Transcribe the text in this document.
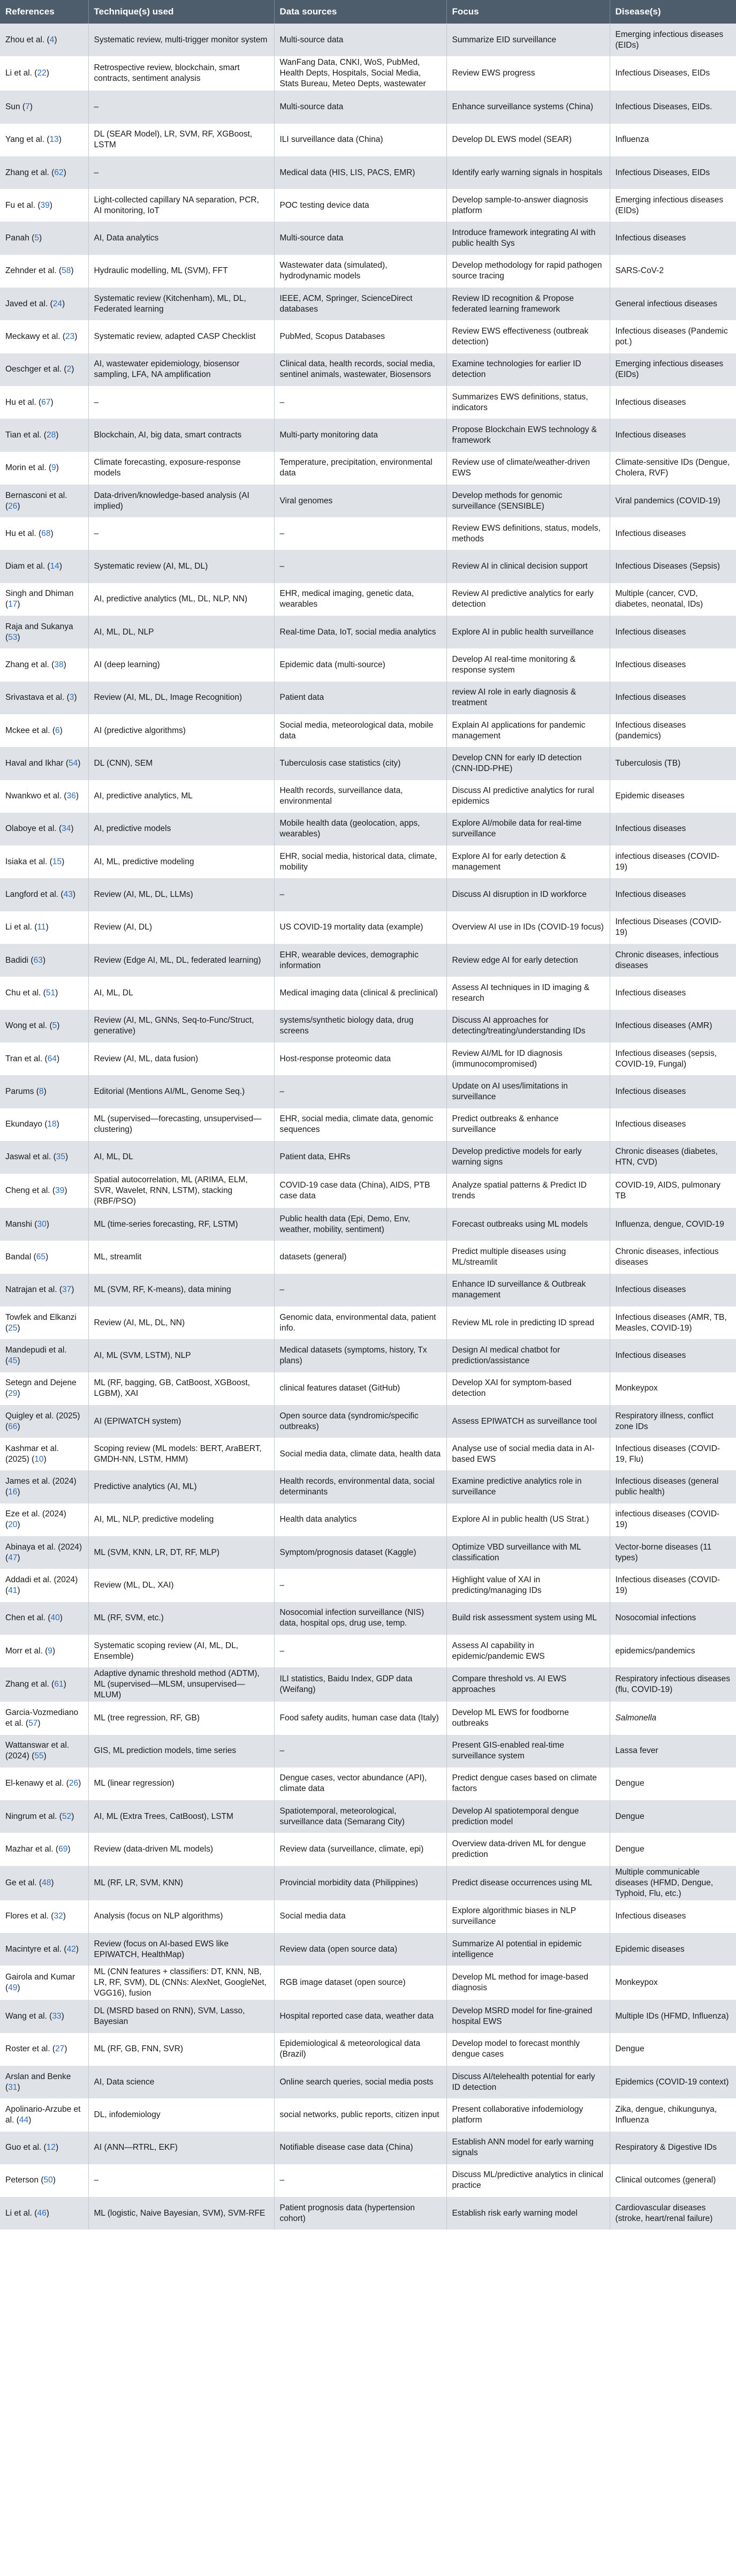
References	Technique(s) used	Data sources	Focus	Disease(s)
Zhou et al. (4)	Systematic review, multi-trigger monitor system	Multi-source data	Summarize EID surveillance	Emerging infectious diseases (EIDs)
Li et al. (22)	Retrospective review, blockchain, smart contracts, sentiment analysis	WanFang Data, CNKI, WoS, PubMed, Health Depts, Hospitals, Social Media, Stats Bureau, Meteo Depts, wastewater	Review EWS progress	Infectious Diseases, EIDs
Sun (7)	–	Multi-source data	Enhance surveillance systems (China)	Infectious Diseases, EIDs.
Yang et al. (13)	DL (SEAR Model), LR, SVM, RF, XGBoost, LSTM	ILI surveillance data (China)	Develop DL EWS model (SEAR)	Influenza
Zhang et al. (62)	–	Medical data (HIS, LIS, PACS, EMR)	Identify early warning signals in hospitals	Infectious Diseases, EIDs
Fu et al. (39)	Light-collected capillary NA separation, PCR, AI monitoring, IoT	POC testing device data	Develop sample-to-answer diagnosis platform	Emerging infectious diseases (EIDs)
Panah (5)	AI, Data analytics	Multi-source data	Introduce framework integrating AI with public health Sys	Infectious diseases
Zehnder et al. (58)	Hydraulic modelling, ML (SVM), FFT	Wastewater data (simulated), hydrodynamic models	Develop methodology for rapid pathogen source tracing	SARS-CoV-2
Javed et al. (24)	Systematic review (Kitchenham), ML, DL, Federated learning	IEEE, ACM, Springer, ScienceDirect databases	Review ID recognition & Propose federated learning framework	General infectious diseases
Meckawy et al. (23)	Systematic review, adapted CASP Checklist	PubMed, Scopus Databases	Review EWS effectiveness (outbreak detection)	Infectious diseases (Pandemic pot.)
Oeschger et al. (2)	AI, wastewater epidemiology, biosensor sampling, LFA, NA amplification	Clinical data, health records, social media, sentinel animals, wastewater, Biosensors	Examine technologies for earlier ID detection	Emerging infectious diseases (EIDs)
Hu et al. (67)	–	–	Summarizes EWS definitions, status, indicators	Infectious diseases
Tian et al. (28)	Blockchain, AI, big data, smart contracts	Multi-party monitoring data	Propose Blockchain EWS technology & framework	Infectious diseases
Morin et al. (9)	Climate forecasting, exposure-response models	Temperature, precipitation, environmental data	Review use of climate/weather-driven EWS	Climate-sensitive IDs (Dengue, Cholera, RVF)
Bernasconi et al. (26)	Data-driven/knowledge-based analysis (AI implied)	Viral genomes	Develop methods for genomic surveillance (SENSIBLE)	Viral pandemics (COVID-19)
Hu et al. (68)	–	–	Review EWS definitions, status, models, methods	Infectious diseases
Diam et al. (14)	Systematic review (AI, ML, DL)	–	Review AI in clinical decision support	Infectious Diseases (Sepsis)
Singh and Dhiman (17)	AI, predictive analytics (ML, DL, NLP, NN)	EHR, medical imaging, genetic data, wearables	Review AI predictive analytics for early detection	Multiple (cancer, CVD, diabetes, neonatal, IDs)
Raja and Sukanya (53)	AI, ML, DL, NLP	Real-time Data, IoT, social media analytics	Explore AI in public health surveillance	Infectious diseases
Zhang et al. (38)	AI (deep learning)	Epidemic data (multi-source)	Develop AI real-time monitoring & response system	Infectious diseases
Srivastava et al. (3)	Review (AI, ML, DL, Image Recognition)	Patient data	review AI role in early diagnosis & treatment	Infectious diseases
Mckee et al. (6)	AI (predictive algorithms)	Social media, meteorological data, mobile data	Explain AI applications for pandemic management	Infectious diseases (pandemics)
Haval and Ikhar (54)	DL (CNN), SEM	Tuberculosis case statistics (city)	Develop CNN for early ID detection (CNN-IDD-PHE)	Tuberculosis (TB)
Nwankwo et al. (36)	AI, predictive analytics, ML	Health records, surveillance data, environmental	Discuss AI predictive analytics for rural epidemics	Epidemic diseases
Olaboye et al. (34)	AI, predictive models	Mobile health data (geolocation, apps, wearables)	Explore AI/mobile data for real-time surveillance	Infectious diseases
Isiaka et al. (15)	AI, ML, predictive modeling	EHR, social media, historical data, climate, mobility	Explore AI for early detection & management	infectious diseases (COVID-19)
Langford et al. (43)	Review (AI, ML, DL, LLMs)	–	Discuss AI disruption in ID workforce	Infectious diseases
Li et al. (11)	Review (AI, DL)	US COVID-19 mortality data (example)	Overview AI use in IDs (COVID-19 focus)	Infectious Diseases (COVID-19)
Badidi (63)	Review (Edge AI, ML, DL, federated learning)	EHR, wearable devices, demographic information	Review edge AI for early detection	Chronic diseases, infectious diseases
Chu et al. (51)	AI, ML, DL	Medical imaging data (clinical & preclinical)	Assess AI techniques in ID imaging & research	Infectious diseases
Wong et al. (5)	Review (AI, ML, GNNs, Seq-to-Func/Struct, generative)	systems/synthetic biology data, drug screens	Discuss AI approaches for detecting/treating/understanding IDs	Infectious diseases (AMR)
Tran et al. (64)	Review (AI, ML, data fusion)	Host-response proteomic data	Review AI/ML for ID diagnosis (immunocompromised)	Infectious diseases (sepsis, COVID-19, Fungal)
Parums (8)	Editorial (Mentions AI/ML, Genome Seq.)	–	Update on AI uses/limitations in surveillance	Infectious diseases
Ekundayo (18)	ML (supervised—forecasting, unsupervised—clustering)	EHR, social media, climate data, genomic sequences	Predict outbreaks & enhance surveillance	Infectious diseases
Jaswal et al. (35)	AI, ML, DL	Patient data, EHRs	Develop predictive models for early warning signs	Chronic diseases (diabetes, HTN, CVD)
Cheng et al. (39)	Spatial autocorrelation, ML (ARIMA, ELM, SVR, Wavelet, RNN, LSTM), stacking (RBF/PSO)	COVID-19 case data (China), AIDS, PTB case data	Analyze spatial patterns & Predict ID trends	COVID-19, AIDS, pulmonary TB
Manshi (30)	ML (time-series forecasting, RF, LSTM)	Public health data (Epi, Demo, Env, weather, mobility, sentiment)	Forecast outbreaks using ML models	Influenza, dengue, COVID-19
Bandal (65)	ML, streamlit	datasets (general)	Predict multiple diseases using ML/streamlit	Chronic diseases, infectious diseases
Natrajan et al. (37)	ML (SVM, RF, K-means), data mining	–	Enhance ID surveillance & Outbreak management	Infectious diseases
Towfek and Elkanzi (25)	Review (AI, ML, DL, NN)	Genomic data, environmental data, patient info.	Review ML role in predicting ID spread	Infectious diseases (AMR, TB, Measles, COVID-19)
Mandepudi et al. (45)	AI, ML (SVM, LSTM), NLP	Medical datasets (symptoms, history, Tx plans)	Design AI medical chatbot for prediction/assistance	Infectious diseases
Setegn and Dejene (29)	ML (RF, bagging, GB, CatBoost, XGBoost, LGBM), XAI	clinical features dataset (GitHub)	Develop XAI for symptom-based detection	Monkeypox
Quigley et al. (2025) (66)	AI (EPIWATCH system)	Open source data (syndromic/specific outbreaks)	Assess EPIWATCH as surveillance tool	Respiratory illness, conflict zone IDs
Kashmar et al. (2025) (10)	Scoping review (ML models: BERT, AraBERT, GMDH-NN, LSTM, HMM)	Social media data, climate data, health data	Analyse use of social media data in AI-based EWS	Infectious diseases (COVID-19, Flu)
James et al. (2024) (16)	Predictive analytics (AI, ML)	Health records, environmental data, social determinants	Examine predictive analytics role in surveillance	Infectious diseases (general public health)
Eze et al. (2024) (20)	AI, ML, NLP, predictive modeling	Health data analytics	Explore AI in public health (US Strat.)	infectious diseases (COVID-19)
Abinaya et al. (2024) (47)	ML (SVM, KNN, LR, DT, RF, MLP)	Symptom/prognosis dataset (Kaggle)	Optimize VBD surveillance with ML classification	Vector-borne diseases (11 types)
Addadi et al. (2024) (41)	Review (ML, DL, XAI)	–	Highlight value of XAI in predicting/managing IDs	Infectious diseases (COVID-19)
Chen et al. (40)	ML (RF, SVM, etc.)	Nosocomial infection surveillance (NIS) data, hospital ops, drug use, temp.	Build risk assessment system using ML	Nosocomial infections
Morr et al. (9)	Systematic scoping review (AI, ML, DL, Ensemble)	–	Assess AI capability in epidemic/pandemic EWS	epidemics/pandemics
Zhang et al. (61)	Adaptive dynamic threshold method (ADTM), ML (supervised—MLSM, unsupervised—MLUM)	ILI statistics, Baidu Index, GDP data (Weifang)	Compare threshold vs. AI EWS approaches	Respiratory infectious diseases (flu, COVID-19)
Garcia-Vozmediano et al. (57)	ML (tree regression, RF, GB)	Food safety audits, human case data (Italy)	Develop ML EWS for foodborne outbreaks	Salmonella
Wattanswar et al. (2024) (55)	GIS, ML prediction models, time series	–	Present GIS-enabled real-time surveillance system	Lassa fever
El-kenawy et al. (26)	ML (linear regression)	Dengue cases, vector abundance (API), climate data	Predict dengue cases based on climate factors	Dengue
Ningrum et al. (52)	AI, ML (Extra Trees, CatBoost), LSTM	Spatiotemporal, meteorological, surveillance data (Semarang City)	Develop AI spatiotemporal dengue prediction model	Dengue
Mazhar et al. (69)	Review (data-driven ML models)	Review data (surveillance, climate, epi)	Overview data-driven ML for dengue prediction	Dengue
Ge et al. (48)	ML (RF, LR, SVM, KNN)	Provincial morbidity data (Philippines)	Predict disease occurrences using ML	Multiple communicable diseases (HFMD, Dengue, Typhoid, Flu, etc.)
Flores et al. (32)	Analysis (focus on NLP algorithms)	Social media data	Explore algorithmic biases in NLP surveillance	Infectious diseases
Macintyre et al. (42)	Review (focus on AI-based EWS like EPIWATCH, HealthMap)	Review data (open source data)	Summarize AI potential in epidemic intelligence	Epidemic diseases
Gairola and Kumar (49)	ML (CNN features + classifiers: DT, KNN, NB, LR, RF, SVM), DL (CNNs: AlexNet, GoogleNet, VGG16), fusion	RGB image dataset (open source)	Develop ML method for image-based diagnosis	Monkeypox
Wang et al. (33)	DL (MSRD based on RNN), SVM, Lasso, Bayesian	Hospital reported case data, weather data	Develop MSRD model for fine-grained hospital EWS	Multiple IDs (HFMD, Influenza)
Roster et al. (27)	ML (RF, GB, FNN, SVR)	Epidemiological & meteorological data (Brazil)	Develop model to forecast monthly dengue cases	Dengue
Arslan and Benke (31)	AI, Data science	Online search queries, social media posts	Discuss AI/telehealth potential for early ID detection	Epidemics (COVID-19 context)
Apolinario-Arzube et al. (44)	DL, infodemiology	social networks, public reports, citizen input	Present collaborative infodemiology platform	Zika, dengue, chikungunya, Influenza
Guo et al. (12)	AI (ANN—RTRL, EKF)	Notifiable disease case data (China)	Establish ANN model for early warning signals	Respiratory & Digestive IDs
Peterson (50)	–	–	Discuss ML/predictive analytics in clinical practice	Clinical outcomes (general)
Li et al. (46)	ML (logistic, Naive Bayesian, SVM), SVM-RFE	Patient prognosis data (hypertension cohort)	Establish risk early warning model	Cardiovascular diseases (stroke, heart/renal failure)
